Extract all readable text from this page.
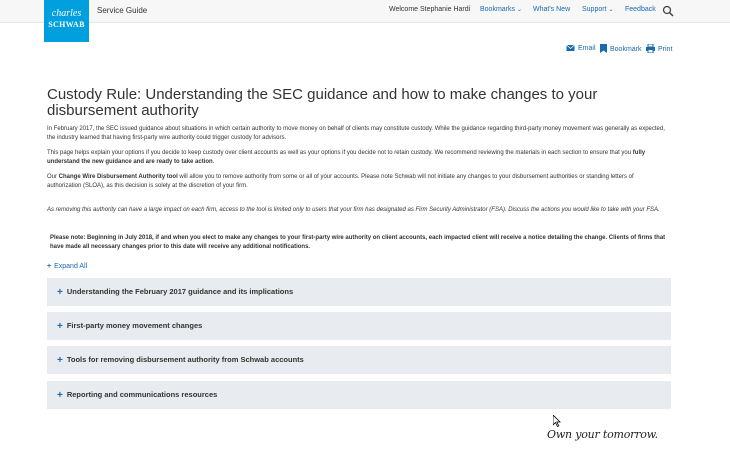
charles
SCHWAB
Service Guide	Welcome Stephanie Hardi Bookmarks ⌄ What's New Support ⌄ Feedback
Email	Bookmark	Print
Custody Rule: Understanding the SEC guidance and how to make changes to your disbursement authority

In February 2017, the SEC issued guidance about situations in which certain authority to move money on behalf of clients may constitute custody. While the guidance regarding third-party money movement was generally as expected, the industry learned that having first-party wire authority could trigger custody for advisors.

This page helps explain your options if you decide to keep custody over client accounts as well as your options if you decide not to retain custody. We recommend reviewing the materials in each section to ensure that you fully understand the new guidance and are ready to take action.

Our Change Wire Disbursement Authority tool will allow you to remove authority from some or all of your accounts. Please note Schwab will not initiate any changes to your disbursement authorities or standing letters of authorization (SLOA), as this decision is solely at the discretion of your firm.

As removing this authority can have a large impact on each firm, access to the tool is limited only to users that your firm has designated as Firm Security Administrator (FSA). Discuss the actions you would like to take with your FSA.

Please note: Beginning in July 2018, if and when you elect to make any changes to your first-party wire authority on client accounts, each impacted client will receive a notice detailing the change. Clients of firms that have made all necessary changes prior to this date will receive any additional notifications.

+ Expand All
+ Understanding the February 2017 guidance and its implications
+ First-party money movement changes
+ Tools for removing disbursement authority from Schwab accounts
+ Reporting and communications resources
Own your tomorrow.
